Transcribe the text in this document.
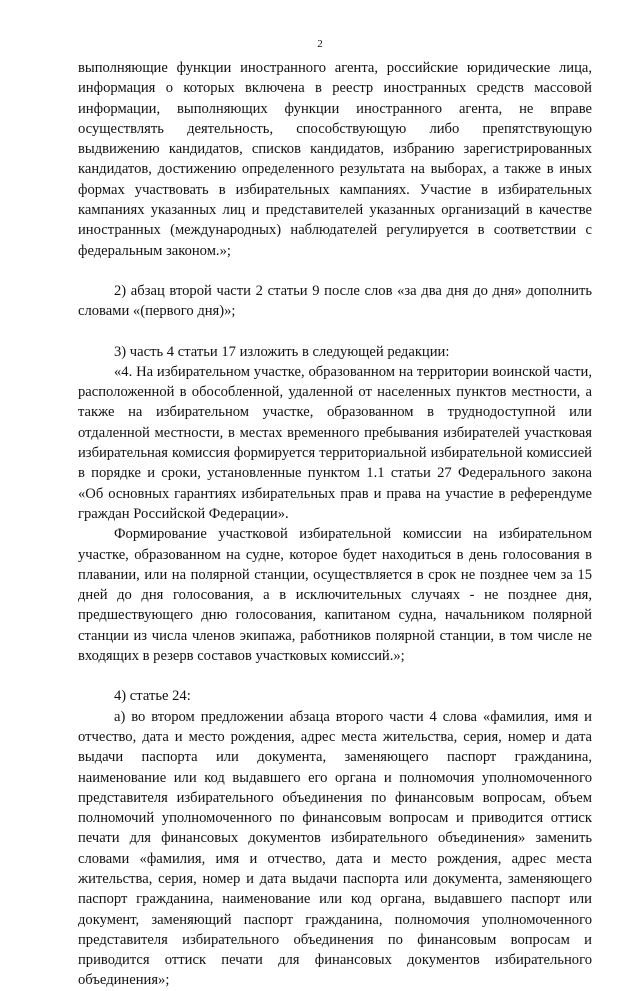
2

выполняющие функции иностранного агента, российские юридические лица, информация о которых включена в реестр иностранных средств массовой информации, выполняющих функции иностранного агента, не вправе осуществлять деятельность, способствующую либо препятствующую выдвижению кандидатов, списков кандидатов, избранию зарегистрированных кандидатов, достижению определенного результата на выборах, а также в иных формах участвовать в избирательных кампаниях. Участие в избирательных кампаниях указанных лиц и представителей указанных организаций в качестве иностранных (международных) наблюдателей регулируется в соответствии с федеральным законом.»;

2) абзац второй части 2 статьи 9 после слов «за два дня до дня» дополнить словами «(первого дня)»;

3) часть 4 статьи 17 изложить в следующей редакции:

«4. На избирательном участке, образованном на территории воинской части, расположенной в обособленной, удаленной от населенных пунктов местности, а также на избирательном участке, образованном в труднодоступной или отдаленной местности, в местах временного пребывания избирателей участковая избирательная комиссия формируется территориальной избирательной комиссией в порядке и сроки, установленные пунктом 1.1 статьи 27 Федерального закона «Об основных гарантиях избирательных прав и права на участие в референдуме граждан Российской Федерации».

Формирование участковой избирательной комиссии на избирательном участке, образованном на судне, которое будет находиться в день голосования в плавании, или на полярной станции, осуществляется в срок не позднее чем за 15 дней до дня голосования, а в исключительных случаях - не позднее дня, предшествующего дню голосования, капитаном судна, начальником полярной станции из числа членов экипажа, работников полярной станции, в том числе не входящих в резерв составов участковых комиссий.»;

4) статье 24:

а) во втором предложении абзаца второго части 4 слова «фамилия, имя и отчество, дата и место рождения, адрес места жительства, серия, номер и дата выдачи паспорта или документа, заменяющего паспорт гражданина, наименование или код выдавшего его органа и полномочия уполномоченного представителя избирательного объединения по финансовым вопросам, объем полномочий уполномоченного по финансовым вопросам и приводится оттиск печати для финансовых документов избирательного объединения» заменить словами «фамилия, имя и отчество, дата и место рождения, адрес места жительства, серия, номер и дата выдачи паспорта или документа, заменяющего паспорт гражданина, наименование или код органа, выдавшего паспорт или документ, заменяющий паспорт гражданина, полномочия уполномоченного представителя избирательного объединения по финансовым вопросам и приводится оттиск печати для финансовых документов избирательного объединения»;
